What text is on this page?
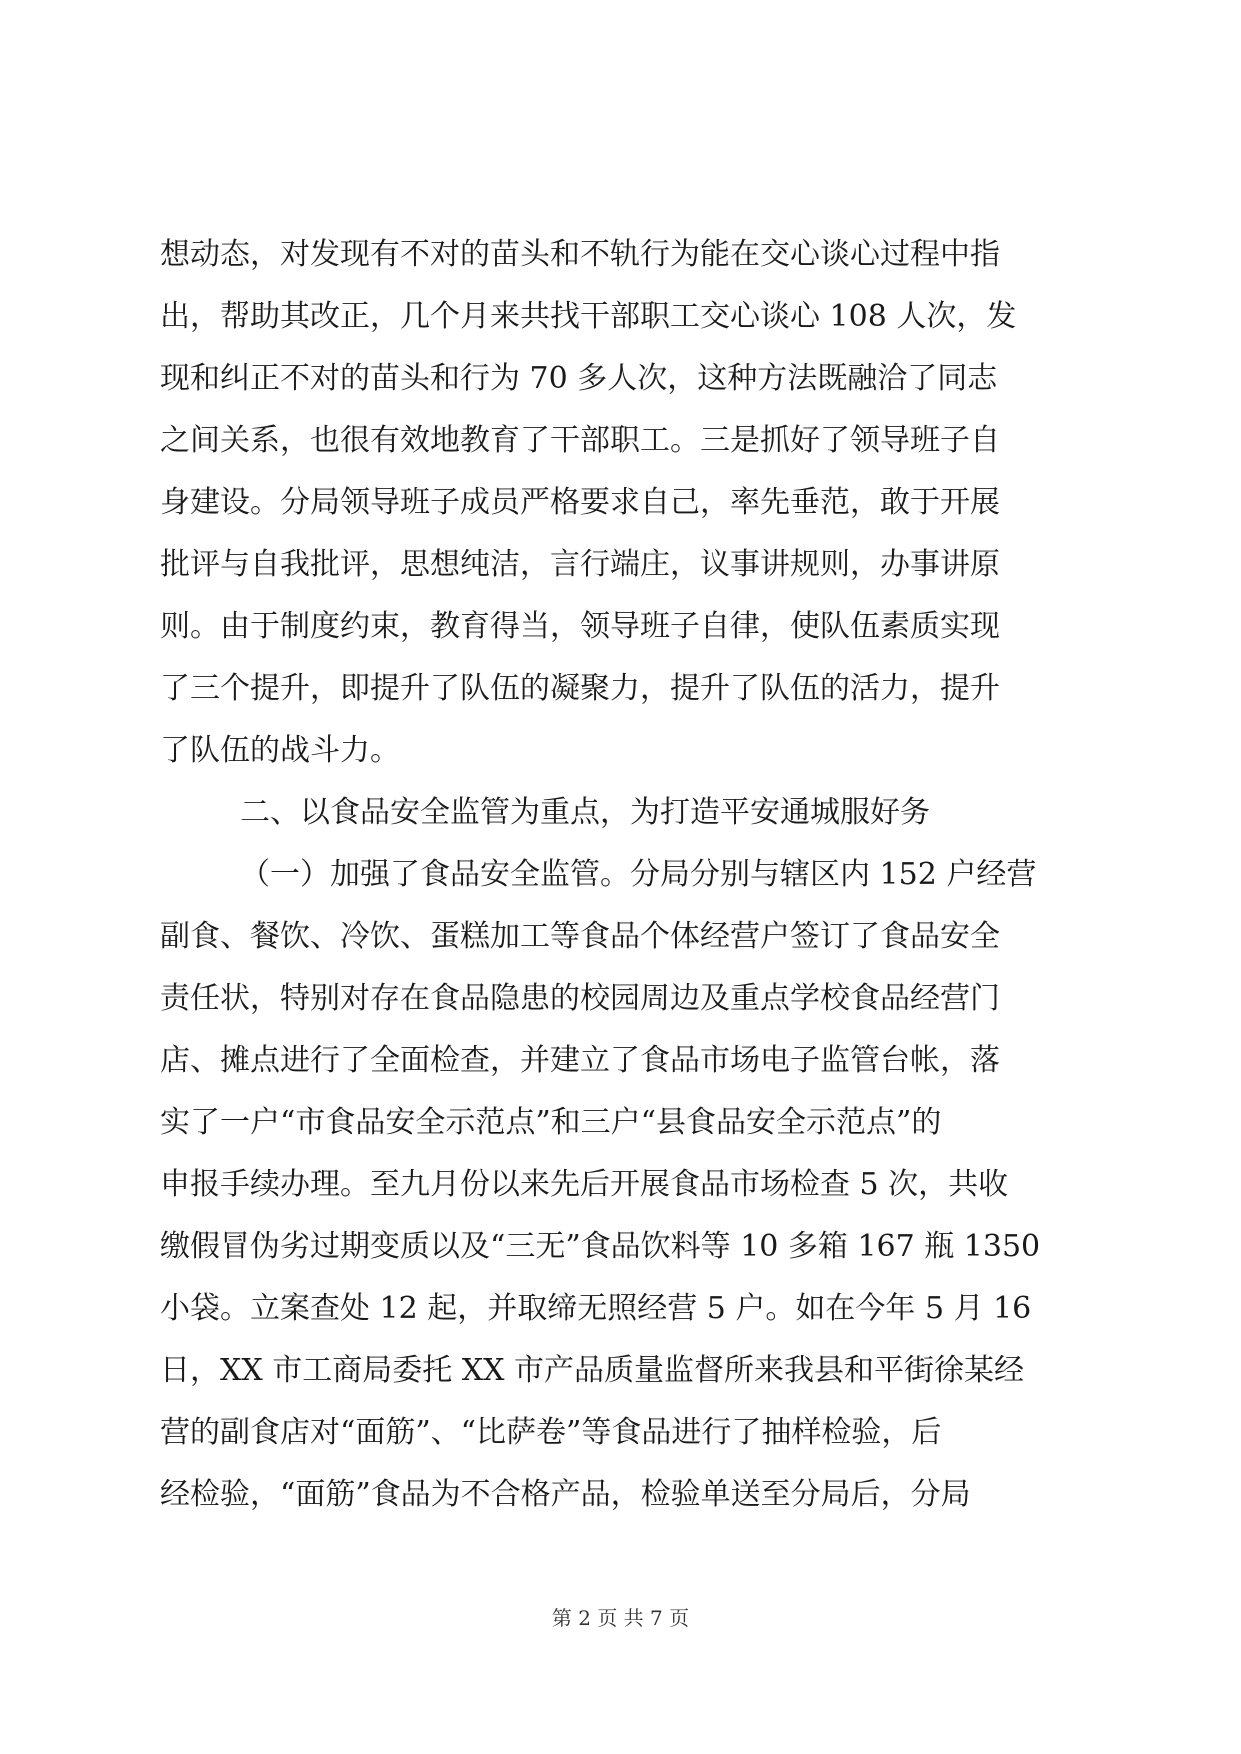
想动态，对发现有不对的苗头和不轨行为能在交心谈心过程中指
出，帮助其改正，几个月来共找干部职工交心谈心 108 人次，发
现和纠正不对的苗头和行为 70 多人次，这种方法既融洽了同志
之间关系，也很有效地教育了干部职工。三是抓好了领导班子自
身建设。分局领导班子成员严格要求自己，率先垂范，敢于开展
批评与自我批评，思想纯洁，言行端庄，议事讲规则，办事讲原
则。由于制度约束，教育得当，领导班子自律，使队伍素质实现
了三个提升，即提升了队伍的凝聚力，提升了队伍的活力，提升
了队伍的战斗力。
二、以食品安全监管为重点，为打造平安通城服好务
（一）加强了食品安全监管。分局分别与辖区内 152 户经营
副食、餐饮、冷饮、蛋糕加工等食品个体经营户签订了食品安全
责任状，特别对存在食品隐患的校园周边及重点学校食品经营门
店、摊点进行了全面检查，并建立了食品市场电子监管台帐，落
实了一户“市食品安全示范点”和三户“县食品安全示范点”的
申报手续办理。至九月份以来先后开展食品市场检查 5 次，共收
缴假冒伪劣过期变质以及“三无”食品饮料等 10 多箱 167 瓶 1350
小袋。立案查处 12 起，并取缔无照经营 5 户。如在今年 5 月 16
日，XX 市工商局委托 XX 市产品质量监督所来我县和平街徐某经
营的副食店对“面筋”、“比萨卷”等食品进行了抽样检验，后
经检验，“面筋”食品为不合格产品，检验单送至分局后，分局
第 2 页 共 7 页
